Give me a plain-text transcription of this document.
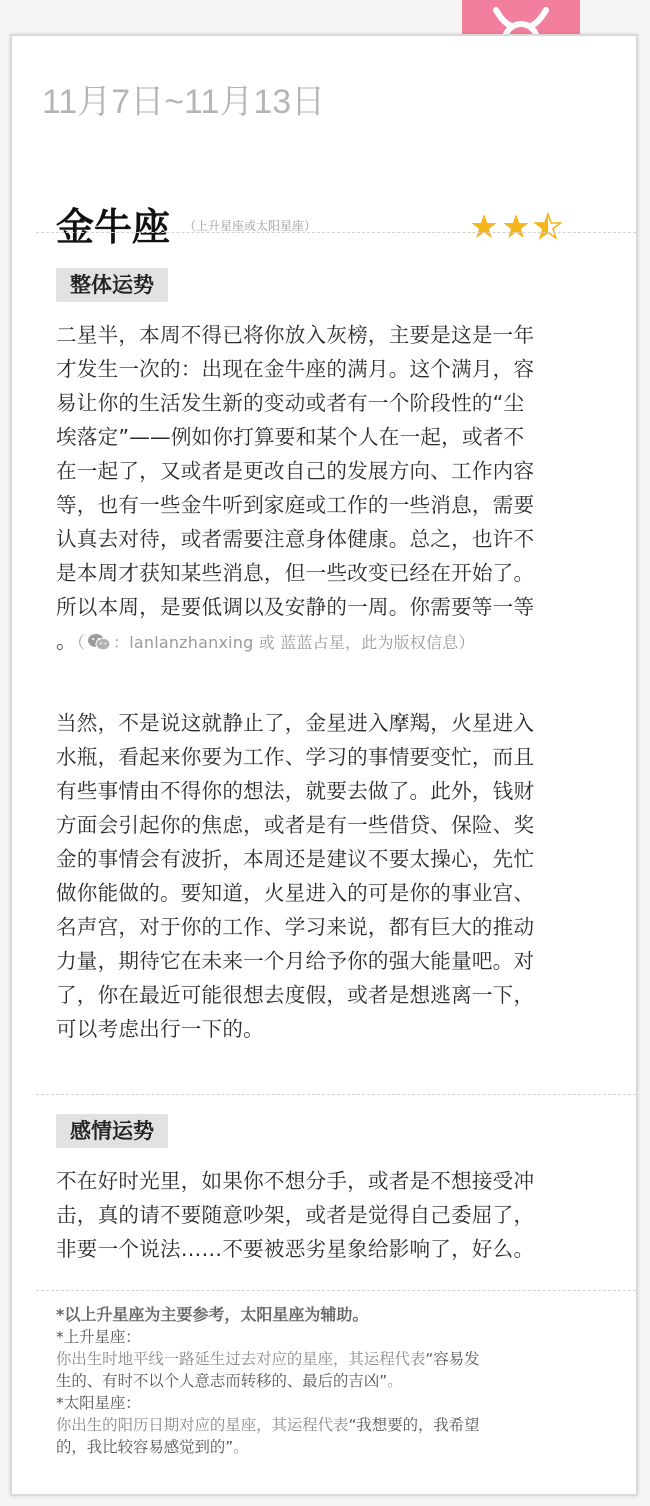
11月7日~11月13日
金牛座 （上升星座或太阳星座）
整体运势
二星半，本周不得已将你放入灰榜，主要是这是一年
才发生一次的：出现在金牛座的满月。这个满月，容
易让你的生活发生新的变动或者有一个阶段性的“尘
埃落定”——例如你打算要和某个人在一起，或者不
在一起了，又或者是更改自己的发展方向、工作内容
等，也有一些金牛听到家庭或工作的一些消息，需要
认真去对待，或者需要注意身体健康。总之，也许不
是本周才获知某些消息，但一些改变已经在开始了。
所以本周，是要低调以及安静的一周。你需要等一等
。（ ：lanlanzhanxing 或 蓝蓝占星，此为版权信息）
当然，不是说这就静止了，金星进入摩羯，火星进入
水瓶，看起来你要为工作、学习的事情要变忙，而且
有些事情由不得你的想法，就要去做了。此外，钱财
方面会引起你的焦虑，或者是有一些借贷、保险、奖
金的事情会有波折，本周还是建议不要太操心，先忙
做你能做的。要知道，火星进入的可是你的事业宫、
名声宫，对于你的工作、学习来说，都有巨大的推动
力量，期待它在未来一个月给予你的强大能量吧。对
了，你在最近可能很想去度假，或者是想逃离一下，
可以考虑出行一下的。
感情运势
不在好时光里，如果你不想分手，或者是不想接受冲
击，真的请不要随意吵架，或者是觉得自己委屈了，
非要一个说法……不要被恶劣星象给影响了，好么。
*以上升星座为主要参考，太阳星座为辅助。
*上升星座：
你出生时地平线一路延生过去对应的星座，其运程代表“容易发
生的、有时不以个人意志而转移的、最后的吉凶”。
*太阳星座：
你出生的阳历日期对应的星座，其运程代表“我想要的，我希望
的，我比较容易感觉到的”。
